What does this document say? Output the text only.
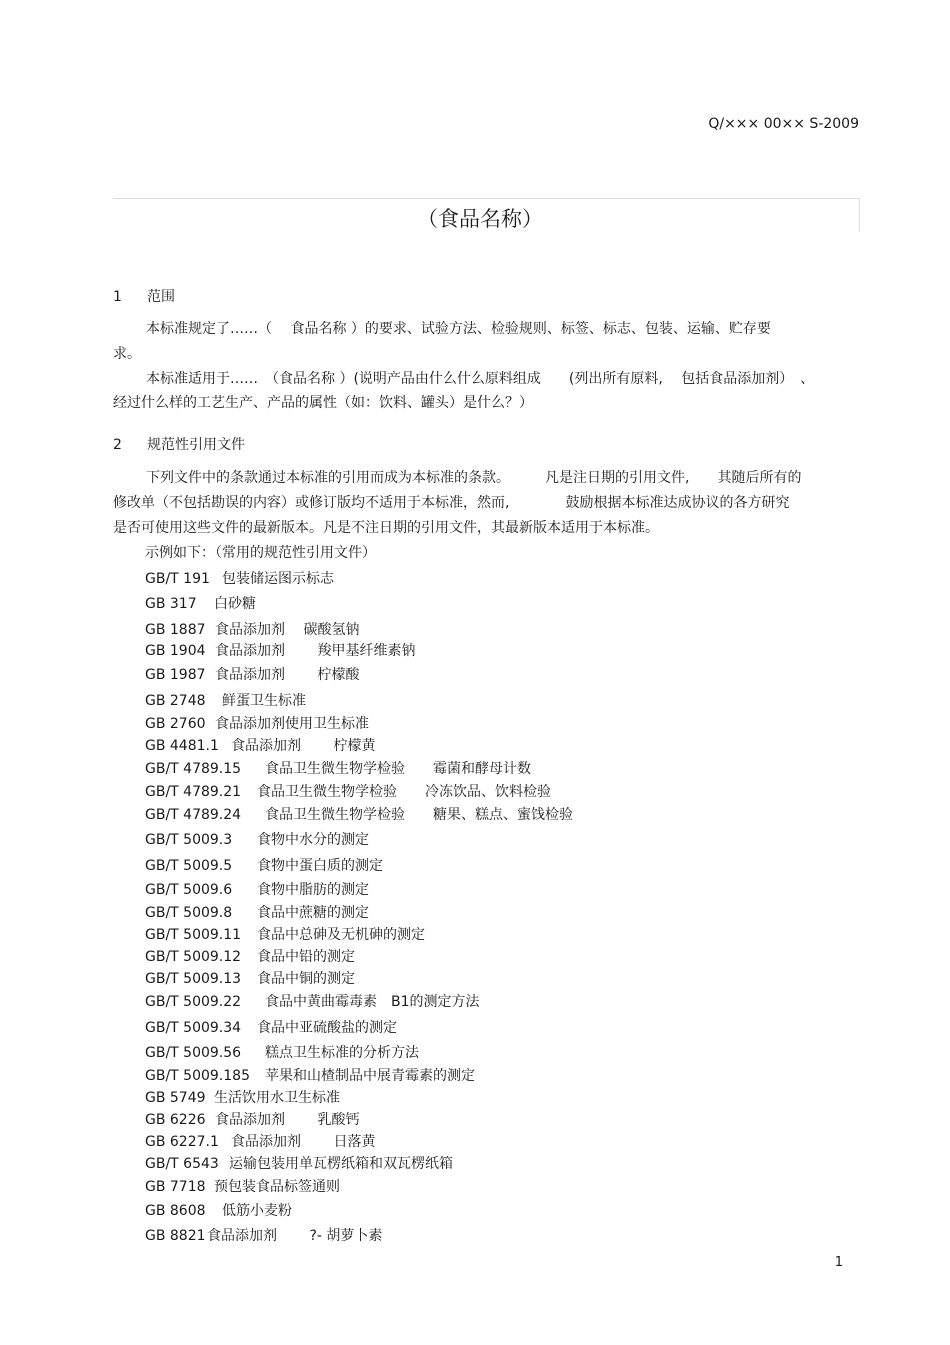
Q/××× 00×× S-2009
（食品名称）
1 范围
本标准规定了……（　 食品名称 ）的要求、试验方法、检验规则、标签、标志、包装、运输、贮存要
求。
本标准适用于……　（食品名称 ）(说明产品由什么什么原料组成　　(列出所有原料,　 包括食品添加剂）　、
经过什么样的工艺生产、产品的属性（如：饮料、罐头）是什么？）
2 规范性引用文件
下列文件中的条款通过本标准的引用而成为本标准的条款。　　　凡是注日期的引用文件,　　其随后所有的
修改单（不包括勘误的内容）或修订版均不适用于本标准，然而,　　　　鼓励根据本标准达成协议的各方研究
是否可使用这些文件的最新版本。凡是不注日期的引用文件，其最新版本适用于本标准。
示例如下：（常用的规范性引用文件）
GB/T 191 包装储运图示标志
GB 317 白砂糖
GB 1887 食品添加剂　 碳酸氢钠
GB 1904 食品添加剂　　 羧甲基纤维素钠
GB 1987 食品添加剂　　 柠檬酸
GB 2748 鲜蛋卫生标准
GB 2760 食品添加剂使用卫生标准
GB 4481.1 食品添加剂　　 柠檬黄
GB/T 4789.15 食品卫生微生物学检验　　霉菌和酵母计数
GB/T 4789.21 食品卫生微生物学检验　　冷冻饮品、饮料检验
GB/T 4789.24 食品卫生微生物学检验　　糖果、糕点、蜜饯检验
GB/T 5009.3 食物中水分的测定
GB/T 5009.5 食物中蛋白质的测定
GB/T 5009.6 食物中脂肪的测定
GB/T 5009.8 食品中蔗糖的测定
GB/T 5009.11 食品中总砷及无机砷的测定
GB/T 5009.12 食品中铅的测定
GB/T 5009.13 食品中铜的测定
GB/T 5009.22 食品中黄曲霉毒素　B1的测定方法
GB/T 5009.34 食品中亚硫酸盐的测定
GB/T 5009.56 糕点卫生标准的分析方法
GB/T 5009.185 苹果和山楂制品中展青霉素的测定
GB 5749 生活饮用水卫生标准
GB 6226 食品添加剂　　 乳酸钙
GB 6227.1 食品添加剂　　 日落黄
GB/T 6543 运输包装用单瓦楞纸箱和双瓦楞纸箱
GB 7718 预包装食品标签通则
GB 8608 低筋小麦粉
GB 8821食品添加剂　　 ?- 胡萝卜素
1
